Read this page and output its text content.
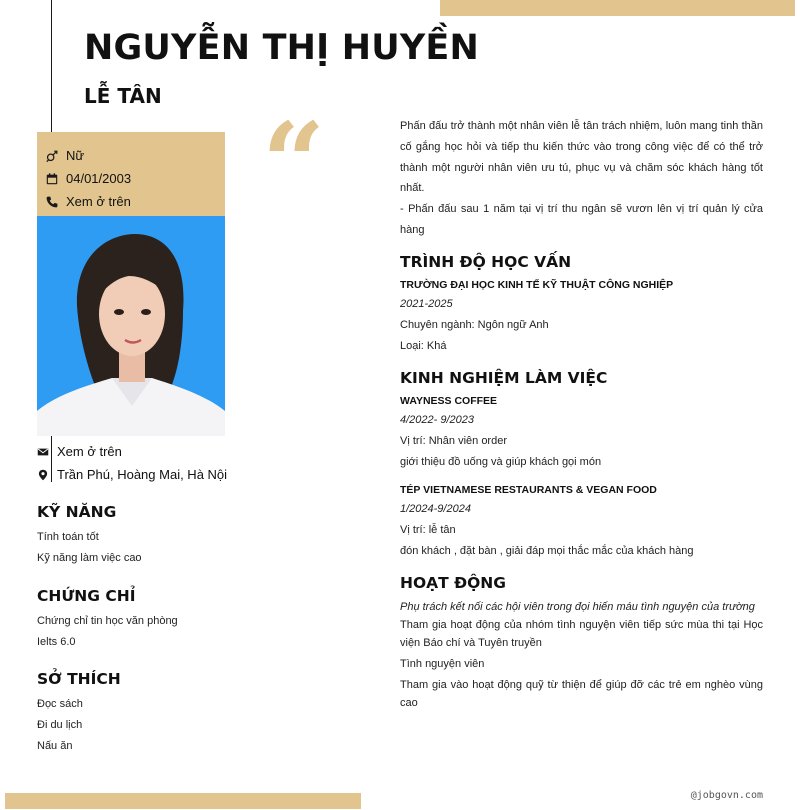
NGUYỄN THỊ HUYỀN
LỄ TÂN
Nữ
04/01/2003
Xem ở trên
Xem ở trên
Trần Phú, Hoàng Mai, Hà Nội
KỸ NĂNG
Tính toán tốt
Kỹ năng làm việc cao
CHỨNG CHỈ
Chứng chỉ tin học văn phòng
Ielts 6.0
SỞ THÍCH
Đọc sách
Đi du lịch
Nấu ăn
“	Phấn đấu trở thành một nhân viên lễ tân trách nhiệm, luôn mang tinh thần cố gắng học hỏi và tiếp thu kiến thức vào trong công việc để có thể trở thành một người nhân viên ưu tú, phục vụ và chăm sóc khách hàng tốt nhất.
- Phấn đấu sau 1 năm tại vị trí thu ngân sẽ vươn lên vị trí quản lý cửa hàng
TRÌNH ĐỘ HỌC VẤN
TRƯỜNG ĐẠI HỌC KINH TẾ KỸ THUẬT CÔNG NGHIỆP
2021-2025
Chuyên ngành: Ngôn ngữ Anh
Loại: Khá
KINH NGHIỆM LÀM VIỆC
WAYNESS COFFEE
4/2022- 9/2023
Vị trí: Nhân viên order
giới thiệu đồ uống và giúp khách gọi món
TÉP VIETNAMESE RESTAURANTS & VEGAN FOOD
1/2024-9/2024
Vị trí: lễ tân
đón khách , đặt bàn , giải đáp mọi thắc mắc của khách hàng
HOẠT ĐỘNG
Phụ trách kết nối các hội viên trong đọi hiến máu tình nguyện của trường
Tham gia hoạt động của nhóm tình nguyện viên tiếp sức mùa thi tại Học viện Báo chí và Tuyên truyền
Tình nguyện viên
Tham gia vào hoạt động quỹ từ thiện để giúp đỡ các trẻ em nghèo vùng cao
@jobgovn.com
